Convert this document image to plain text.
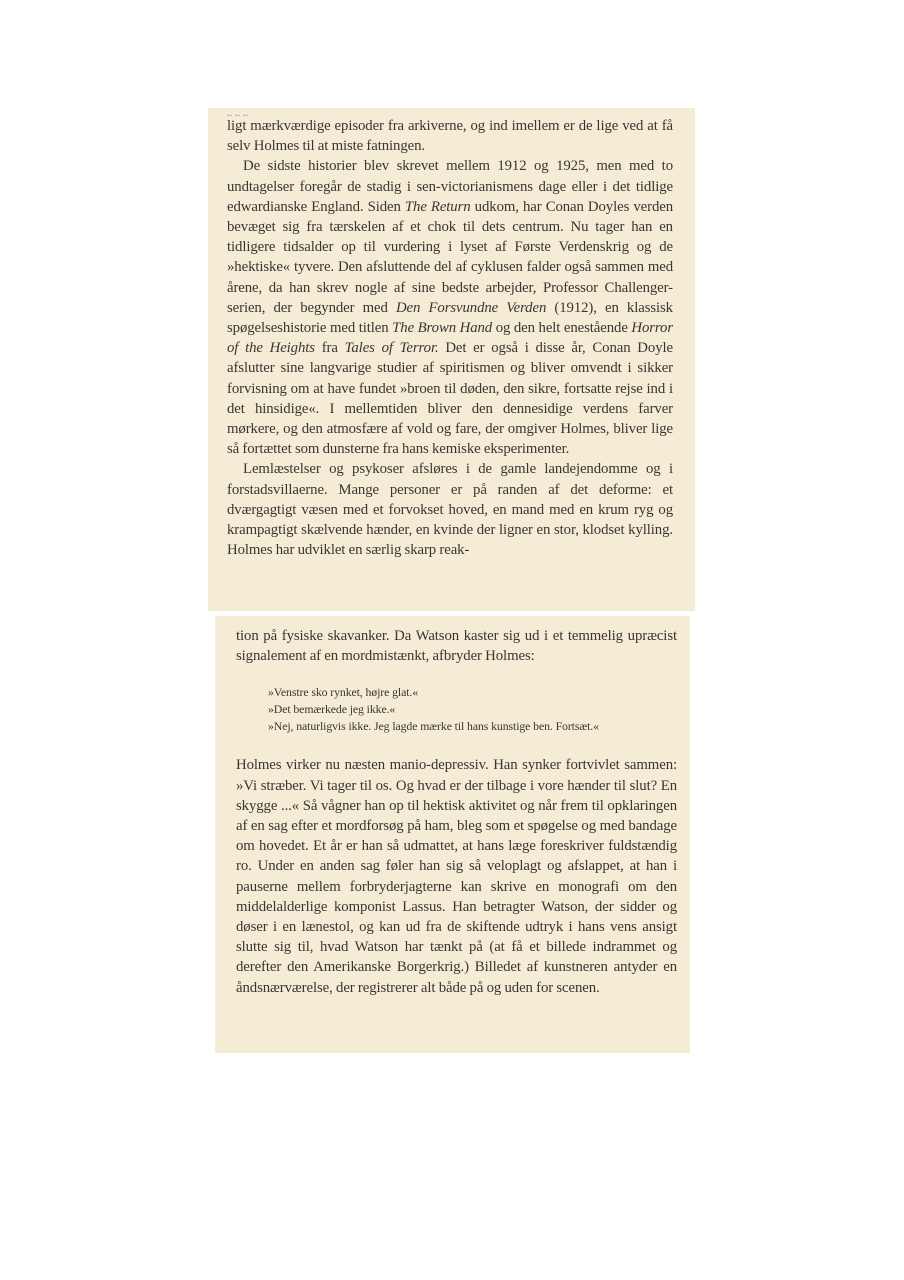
ligt mærkværdige episoder fra arkiverne, og ind imellem er de lige ved at få selv Holmes til at miste fatningen.

De sidste historier blev skrevet mellem 1912 og 1925, men med to undtagelser foregår de stadig i sen-victorianismens dage eller i det tidlige edwardianske England. Siden The Return udkom, har Conan Doyles verden bevæget sig fra tærskelen af et chok til dets centrum. Nu tager han en tidligere tidsalder op til vurdering i lyset af Første Verdenskrig og de »hektiske« tyvere. Den afsluttende del af cyklusen falder også sammen med årene, da han skrev nogle af sine bedste arbejder, Professor Challenger-serien, der begynder med Den Forsvundne Verden (1912), en klassisk spøgelseshistorie med titlen The Brown Hand og den helt enestående Horror of the Heights fra Tales of Terror. Det er også i disse år, Conan Doyle afslutter sine langvarige studier af spiritismen og bliver omvendt i sikker forvisning om at have fundet »broen til døden, den sikre, fortsatte rejse ind i det hinsidige«. I mellemtiden bliver den dennesidige verdens farver mørkere, og den atmosfære af vold og fare, der omgiver Holmes, bliver lige så fortættet som dunsterne fra hans kemiske eksperimenter.

Lemlæstelser og psykoser afsløres i de gamle landejendomme og i forstadsvillaerne. Mange personer er på randen af det deforme: et dværgagtigt væsen med et forvokset hoved, en mand med en krum ryg og krampagtigt skælvende hænder, en kvinde der ligner en stor, klodset kylling. Holmes har udviklet en særlig skarp reak-

tion på fysiske skavanker. Da Watson kaster sig ud i et temmelig upræcist signalement af en mordmistænkt, afbryder Holmes:

»Venstre sko rynket, højre glat.«
»Det bemærkede jeg ikke.«
»Nej, naturligvis ikke. Jeg lagde mærke til hans kunstige ben. Fortsæt.«

Holmes virker nu næsten manio-depressiv. Han synker fortvivlet sammen: »Vi stræber. Vi tager til os. Og hvad er der tilbage i vore hænder til slut? En skygge ...« Så vågner han op til hektisk aktivitet og når frem til opklaringen af en sag efter et mordforsøg på ham, bleg som et spøgelse og med bandage om hovedet. Et år er han så udmattet, at hans læge foreskriver fuldstændig ro. Under en anden sag føler han sig så veloplagt og afslappet, at han i pauserne mellem forbryderjagterne kan skrive en monografi om den middelalderlige komponist Lassus. Han betragter Watson, der sidder og døser i en lænestol, og kan ud fra de skiftende udtryk i hans vens ansigt slutte sig til, hvad Watson har tænkt på (at få et billede indrammet og derefter den Amerikanske Borgerkrig.) Billedet af kunstneren antyder en åndsnærværelse, der registrerer alt både på og uden for scenen.
